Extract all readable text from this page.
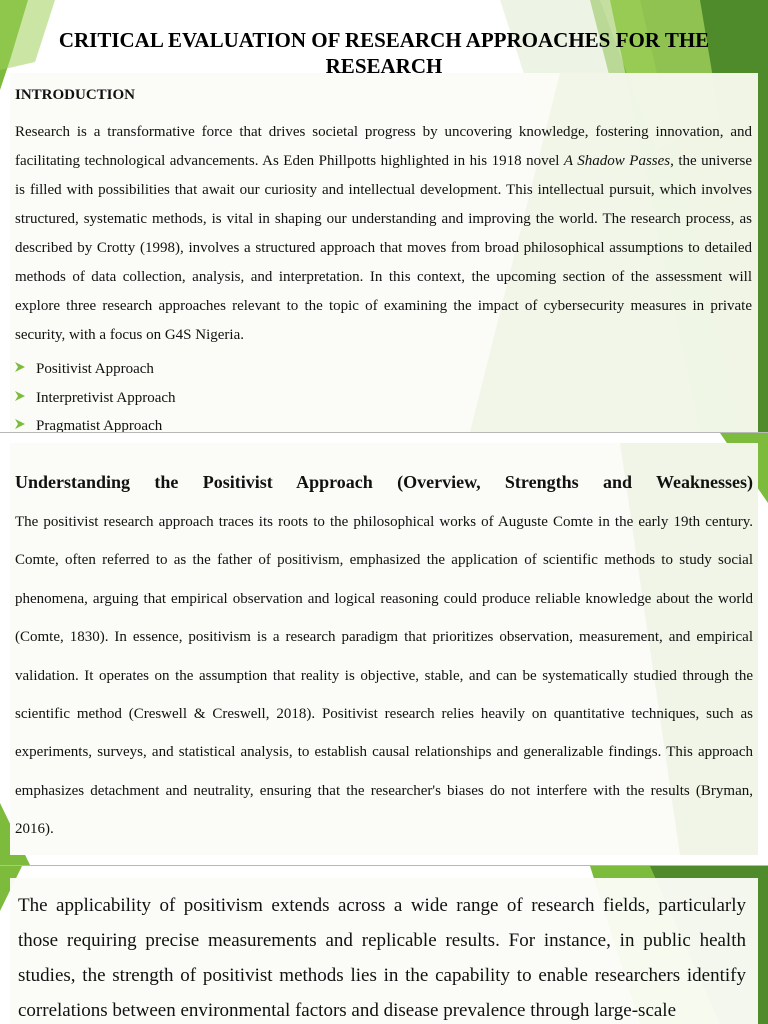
CRITICAL EVALUATION OF RESEARCH APPROACHES FOR THE RESEARCH
INTRODUCTION

Research is a transformative force that drives societal progress by uncovering knowledge, fostering innovation, and facilitating technological advancements. As Eden Phillpotts highlighted in his 1918 novel A Shadow Passes, the universe is filled with possibilities that await our curiosity and intellectual development. This intellectual pursuit, which involves structured, systematic methods, is vital in shaping our understanding and improving the world. The research process, as described by Crotty (1998), involves a structured approach that moves from broad philosophical assumptions to detailed methods of data collection, analysis, and interpretation. In this context, the upcoming section of the assessment will explore three research approaches relevant to the topic of examining the impact of cybersecurity measures in private security, with a focus on G4S Nigeria.

Positivist Approach
Interpretivist Approach
Pragmatist Approach
Understanding the Positivist Approach (Overview, Strengths and Weaknesses)

The positivist research approach traces its roots to the philosophical works of Auguste Comte in the early 19th century. Comte, often referred to as the father of positivism, emphasized the application of scientific methods to study social phenomena, arguing that empirical observation and logical reasoning could produce reliable knowledge about the world (Comte, 1830). In essence, positivism is a research paradigm that prioritizes observation, measurement, and empirical validation. It operates on the assumption that reality is objective, stable, and can be systematically studied through the scientific method (Creswell & Creswell, 2018). Positivist research relies heavily on quantitative techniques, such as experiments, surveys, and statistical analysis, to establish causal relationships and generalizable findings. This approach emphasizes detachment and neutrality, ensuring that the researcher's biases do not interfere with the results (Bryman, 2016).

The applicability of positivism extends across a wide range of research fields, particularly those requiring precise measurements and replicable results. For instance, in public health studies, the strength of positivist methods lies in the capability to enable researchers identify correlations between environmental factors and disease prevalence through large-scale
